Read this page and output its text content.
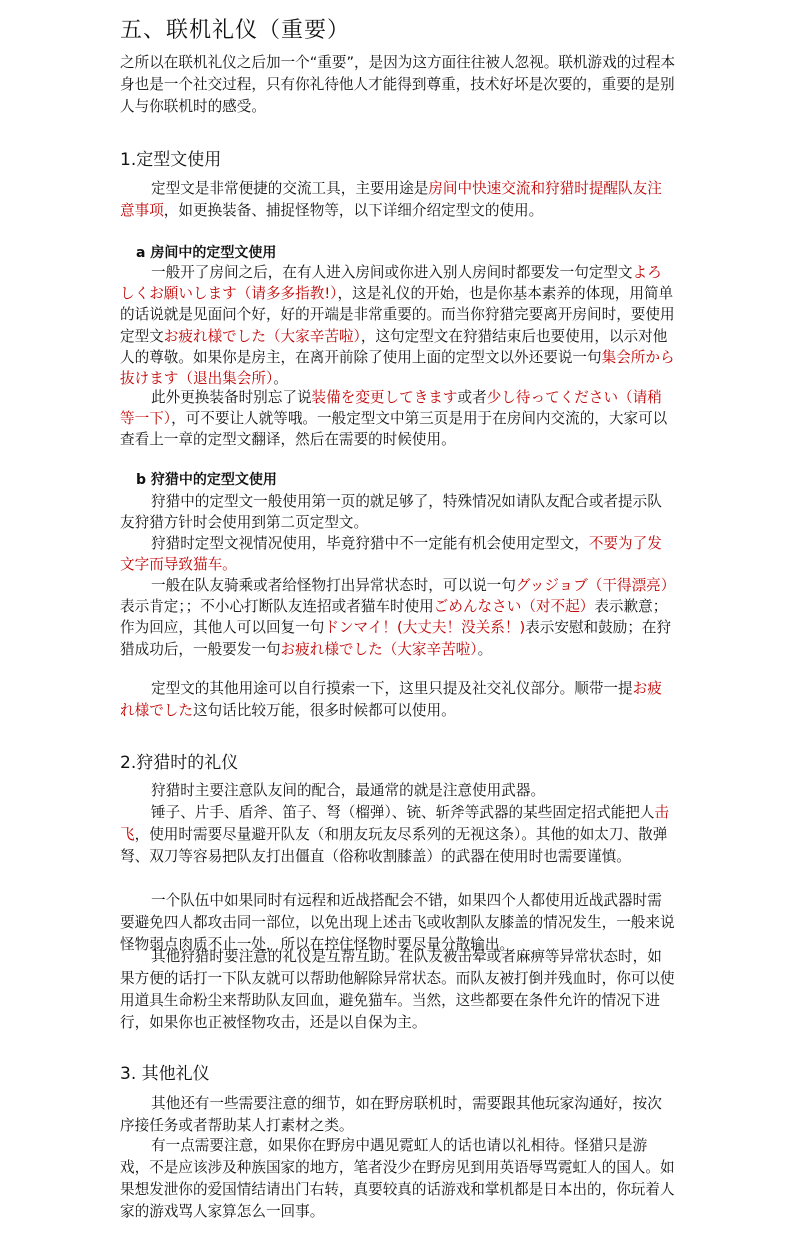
五、联机礼仪（重要）

之所以在联机礼仪之后加一个“重要”，是因为这方面往往被人忽视。联机游戏的过程本身也是一个社交过程，只有你礼待他人才能得到尊重，技术好坏是次要的，重要的是别人与你联机时的感受。

1.定型文使用

定型文是非常便捷的交流工具，主要用途是房间中快速交流和狩猎时提醒队友注意事项，如更换装备、捕捉怪物等，以下详细介绍定型文的使用。

a 房间中的定型文使用

一般开了房间之后，在有人进入房间或你进入别人房间时都要发一句定型文よろしくお願いします（请多多指教!），这是礼仪的开始，也是你基本素养的体现，用简单的话说就是见面问个好，好的开端是非常重要的。而当你狩猎完要离开房间时，要使用定型文お疲れ様でした（大家辛苦啦），这句定型文在狩猎结束后也要使用，以示对他人的尊敬。如果你是房主，在离开前除了使用上面的定型文以外还要说一句集会所から抜けます（退出集会所）。

此外更换装备时别忘了说装備を変更してきます或者少し待ってください（请稍等一下），可不要让人就等哦。一般定型文中第三页是用于在房间内交流的，大家可以查看上一章的定型文翻译，然后在需要的时候使用。

b 狩猎中的定型文使用

狩猎中的定型文一般使用第一页的就足够了，特殊情况如请队友配合或者提示队友狩猎方针时会使用到第二页定型文。

狩猎时定型文视情况使用，毕竟狩猎中不一定能有机会使用定型文，不要为了发文字而导致猫车。

一般在队友骑乘或者给怪物打出异常状态时，可以说一句グッジョブ（干得漂亮）表示肯定；；不小心打断队友连招或者猫车时使用ごめんなさい（对不起）表示歉意；作为回应，其他人可以回复一句ドンマイ！(大丈夫！没关系！)表示安慰和鼓励；在狩猎成功后，一般要发一句お疲れ様でした（大家辛苦啦）。

定型文的其他用途可以自行摸索一下，这里只提及社交礼仪部分。顺带一提お疲れ様でした这句话比较万能，很多时候都可以使用。

2.狩猎时的礼仪

狩猎时主要注意队友间的配合，最通常的就是注意使用武器。

锤子、片手、盾斧、笛子、弩（榴弹）、铳、斩斧等武器的某些固定招式能把人击飞，使用时需要尽量避开队友（和朋友玩友尽系列的无视这条）。其他的如太刀、散弹弩、双刀等容易把队友打出僵直（俗称收割膝盖）的武器在使用时也需要谨慎。

一个队伍中如果同时有远程和近战搭配会不错，如果四个人都使用近战武器时需要避免四人都攻击同一部位，以免出现上述击飞或收割队友膝盖的情况发生，一般来说怪物弱点肉质不止一处，所以在控住怪物时要尽量分散输出。

其他狩猎时要注意的礼仪是互帮互助。在队友被击晕或者麻痹等异常状态时，如果方便的话打一下队友就可以帮助他解除异常状态。而队友被打倒并残血时，你可以使用道具生命粉尘来帮助队友回血，避免猫车。当然，这些都要在条件允许的情况下进行，如果你也正被怪物攻击，还是以自保为主。

3. 其他礼仪

其他还有一些需要注意的细节，如在野房联机时，需要跟其他玩家沟通好，按次序接任务或者帮助某人打素材之类。

有一点需要注意，如果你在野房中遇见霓虹人的话也请以礼相待。怪猎只是游戏，不是应该涉及种族国家的地方，笔者没少在野房见到用英语辱骂霓虹人的国人。如果想发泄你的爱国情结请出门右转，真要较真的话游戏和掌机都是日本出的，你玩着人家的游戏骂人家算怎么一回事。
